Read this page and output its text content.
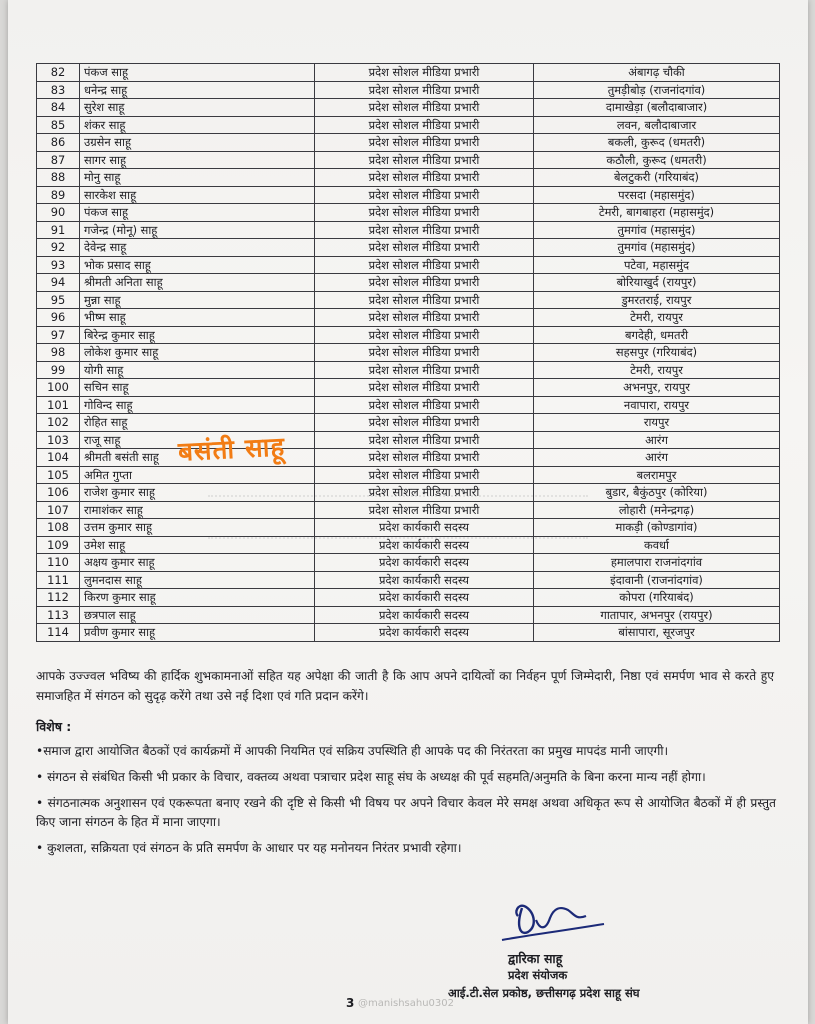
82	पंकज साहू	प्रदेश सोशल मीडिया प्रभारी	अंबागढ़ चौकी
83	धनेन्द्र साहू	प्रदेश सोशल मीडिया प्रभारी	तुमड़ीबोड़ (राजनांदगांव)
84	सुरेश साहू	प्रदेश सोशल मीडिया प्रभारी	दामाखेड़ा (बलौदाबाजार)
85	शंकर साहू	प्रदेश सोशल मीडिया प्रभारी	लवन, बलौदाबाजार
86	उग्रसेन साहू	प्रदेश सोशल मीडिया प्रभारी	बकली, कुरूद (धमतरी)
87	सागर साहू	प्रदेश सोशल मीडिया प्रभारी	कठौली, कुरूद (धमतरी)
88	मोनु साहू	प्रदेश सोशल मीडिया प्रभारी	बेलटुकरी (गरियाबंद)
89	सारकेश साहू	प्रदेश सोशल मीडिया प्रभारी	परसदा (महासमुंद)
90	पंकज साहू	प्रदेश सोशल मीडिया प्रभारी	टेमरी, बागबाहरा (महासमुंद)
91	गजेन्द्र (मोनू) साहू	प्रदेश सोशल मीडिया प्रभारी	तुमगांव (महासमुंद)
92	देवेन्द्र साहू	प्रदेश सोशल मीडिया प्रभारी	तुमगांव (महासमुंद)
93	भोक प्रसाद साहू	प्रदेश सोशल मीडिया प्रभारी	पटेवा, महासमुंद
94	श्रीमती अनिता साहू	प्रदेश सोशल मीडिया प्रभारी	बोरियाखुर्द (रायपुर)
95	मुन्ना साहू	प्रदेश सोशल मीडिया प्रभारी	डुमरतराई, रायपुर
96	भीष्म साहू	प्रदेश सोशल मीडिया प्रभारी	टेमरी, रायपुर
97	बिरेन्द्र कुमार साहू	प्रदेश सोशल मीडिया प्रभारी	बगदेही, धमतरी
98	लोकेश कुमार साहू	प्रदेश सोशल मीडिया प्रभारी	सहसपुर (गरियाबंद)
99	योगी साहू	प्रदेश सोशल मीडिया प्रभारी	टेमरी, रायपुर
100	सचिन साहू	प्रदेश सोशल मीडिया प्रभारी	अभनपुर, रायपुर
101	गोविन्द साहू	प्रदेश सोशल मीडिया प्रभारी	नवापारा, रायपुर
102	रोहित साहू	प्रदेश सोशल मीडिया प्रभारी	रायपुर
103	राजू साहू	प्रदेश सोशल मीडिया प्रभारी	आरंग
104	श्रीमती बसंती साहू	प्रदेश सोशल मीडिया प्रभारी	आरंग
105	अमित गुप्ता	प्रदेश सोशल मीडिया प्रभारी	बलरामपुर
106	राजेश कुमार साहू	प्रदेश सोशल मीडिया प्रभारी	बुडार, बैकुंठपुर (कोरिया)
107	रामाशंकर साहू	प्रदेश सोशल मीडिया प्रभारी	लोहारी (मनेन्द्रगढ़)
108	उत्तम कुमार साहू	प्रदेश कार्यकारी सदस्य	माकड़ी (कोण्डागांव)
109	उमेश साहू	प्रदेश कार्यकारी सदस्य	कवर्धा
110	अक्षय कुमार साहू	प्रदेश कार्यकारी सदस्य	हमालपारा राजनांदगांव
111	लुमनदास साहू	प्रदेश कार्यकारी सदस्य	इंदावानी (राजनांदगांव)
112	किरण कुमार साहू	प्रदेश कार्यकारी सदस्य	कोपरा (गरियाबंद)
113	छत्रपाल साहू	प्रदेश कार्यकारी सदस्य	गातापार, अभनपुर (रायपुर)
114	प्रवीण कुमार साहू	प्रदेश कार्यकारी सदस्य	बांसापारा, सूरजपुर
बसंती साहू
आपके उज्ज्वल भविष्य की हार्दिक शुभकामनाओं सहित यह अपेक्षा की जाती है कि आप अपने दायित्वों का निर्वहन पूर्ण जिम्मेदारी, निष्ठा एवं समर्पण भाव से करते हुए समाजहित में संगठन को सुदृढ़ करेंगे तथा उसे नई दिशा एवं गति प्रदान करेंगे।
विशेष :
•समाज द्वारा आयोजित बैठकों एवं कार्यक्रमों में आपकी नियमित एवं सक्रिय उपस्थिति ही आपके पद की निरंतरता का प्रमुख मापदंड मानी जाएगी।
• संगठन से संबंधित किसी भी प्रकार के विचार, वक्तव्य अथवा पत्राचार प्रदेश साहू संघ के अध्यक्ष की पूर्व सहमति/अनुमति के बिना करना मान्य नहीं होगा।
• संगठनात्मक अनुशासन एवं एकरूपता बनाए रखने की दृष्टि से किसी भी विषय पर अपने विचार केवल मेरे समक्ष अथवा अधिकृत रूप से आयोजित बैठकों में ही प्रस्तुत किए जाना संगठन के हित में माना जाएगा।
• कुशलता, सक्रियता एवं संगठन के प्रति समर्पण के आधार पर यह मनोनयन निरंतर प्रभावी रहेगा।
द्वारिका साहू
प्रदेश संयोजक
आई.टी.सेल प्रकोष्ठ, छत्तीसगढ़ प्रदेश साहू संघ
3 @manishsahu0302
